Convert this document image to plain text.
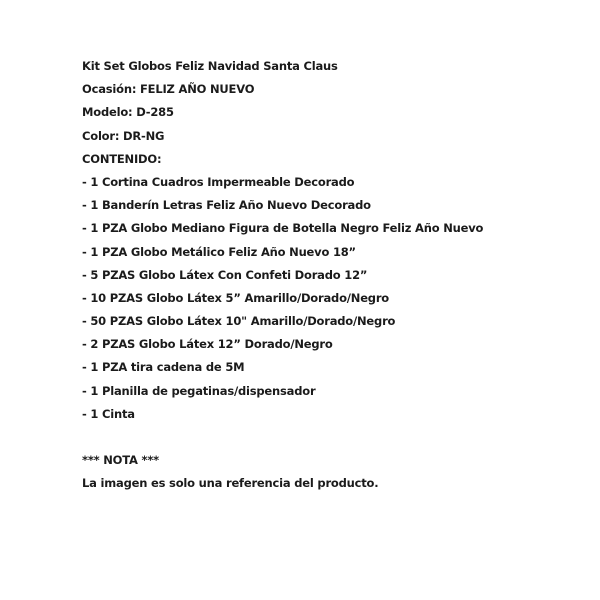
Kit Set Globos Feliz Navidad Santa Claus
Ocasión: FELIZ AÑO NUEVO
Modelo: D-285
Color: DR-NG
CONTENIDO:
- 1 Cortina Cuadros Impermeable Decorado
- 1 Banderín Letras Feliz Año Nuevo Decorado
- 1 PZA Globo Mediano Figura de Botella Negro Feliz Año Nuevo
- 1 PZA Globo Metálico Feliz Año Nuevo 18”
- 5 PZAS Globo Látex Con Confeti Dorado 12”
- 10 PZAS Globo Látex 5” Amarillo/Dorado/Negro
- 50 PZAS Globo Látex 10" Amarillo/Dorado/Negro
- 2 PZAS Globo Látex 12” Dorado/Negro
- 1 PZA tira cadena de 5M
- 1 Planilla de pegatinas/dispensador
- 1 Cinta
*** NOTA ***
La imagen es solo una referencia del producto.
